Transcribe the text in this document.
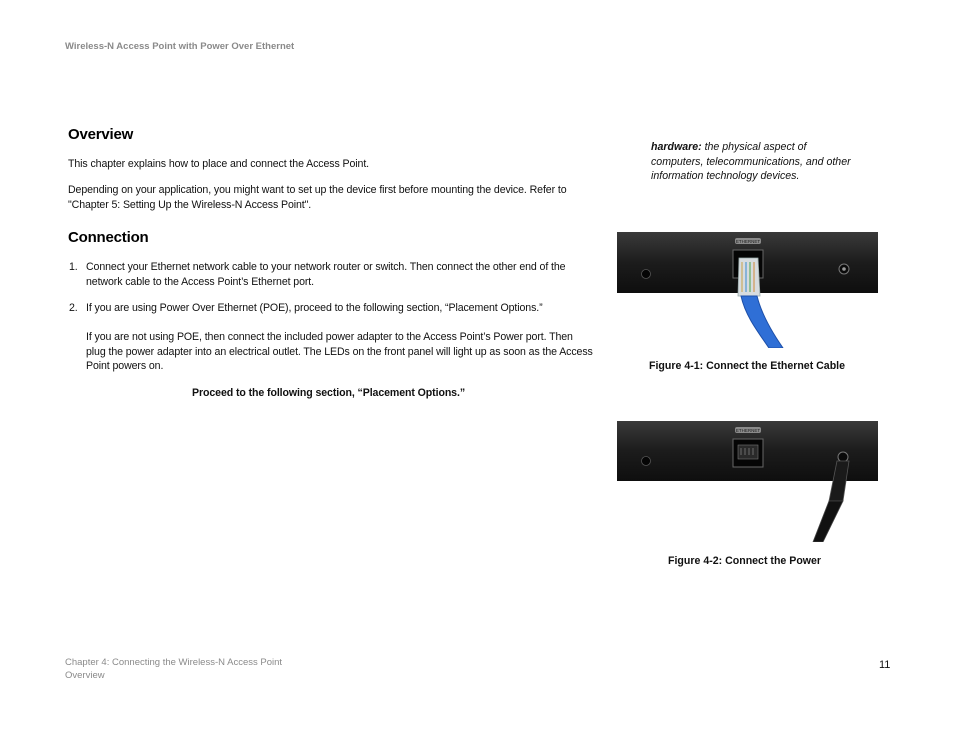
Wireless-N Access Point with Power Over Ethernet
Overview
This chapter explains how to place and connect the Access Point.
Depending on your application, you might want to set up the device first before mounting the device. Refer to "Chapter 5: Setting Up the Wireless-N Access Point".
Connection
1. Connect your Ethernet network cable to your network router or switch. Then connect the other end of the network cable to the Access Point’s Ethernet port.
2. If you are using Power Over Ethernet (POE), proceed to the following section, “Placement Options.”
If you are not using POE, then connect the included power adapter to the Access Point’s Power port. Then plug the power adapter into an electrical outlet. The LEDs on the front panel will light up as soon as the Access Point powers on.
Proceed to the following section, “Placement Options.”
hardware: the physical aspect of computers, telecommunications, and other information technology devices.
ETHERNET
Figure 4-1: Connect the Ethernet Cable
ETHERNET
Figure 4-2: Connect the Power
Chapter 4: Connecting the Wireless-N Access Point
Overview
11
